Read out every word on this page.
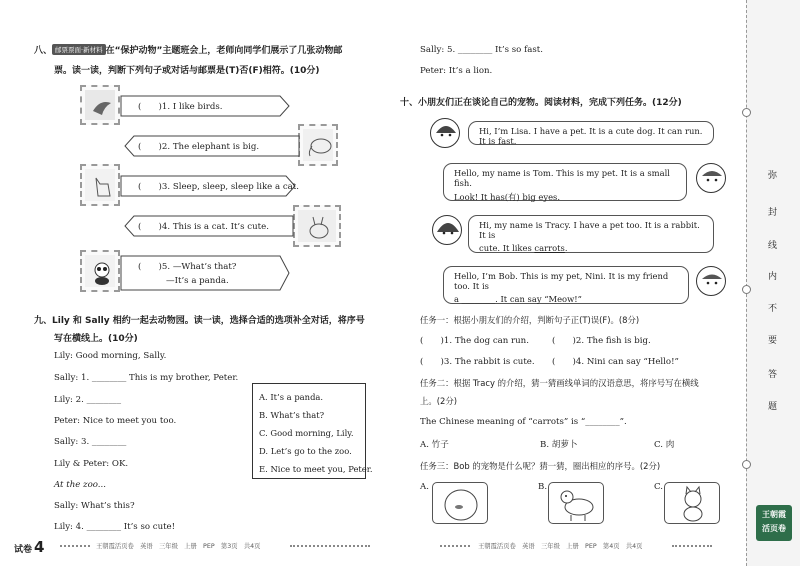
八、 邮票票面·新材料 在“保护动物”主题班会上，老师向同学们展示了几张动物邮
票。读一读，判断下列句子或对话与邮票是(T)否(F)相符。(10分)
(　　)1. I like birds.
(　　)2. The elephant is big.
(　　)3. Sleep, sleep, sleep like a cat.
(　　)4. This is a cat. It’s cute.
(　　)5. —What’s that?
—It’s a panda.
九、Lily 和 Sally 相约一起去动物园。读一读，选择合适的选项补全对话，将序号
写在横线上。(10分)
Lily: Good morning, Sally.
Sally: 1. ________ This is my brother, Peter.
Lily: 2. ________
Peter: Nice to meet you too.
Sally: 3. ________
Lily & Peter: OK.
At the zoo...
Sally: What’s this?
Lily: 4. ________ It’s so cute!
A. It’s a panda.
B. What’s that?
C. Good morning, Lily.
D. Let’s go to the zoo.
E. Nice to meet you, Peter.
试卷 4	王朝霞活页卷　英语　三年级　上册　PEP　第3页　共4页
Sally: 5. ________ It’s so fast.
Peter: It’s a lion.
十、小朋友们正在谈论自己的宠物。阅读材料，完成下列任务。(12分)
Hi, I’m Lisa. I have a pet. It is a cute dog. It can run. It is fast.
Hello, my name is Tom. This is my pet. It is a small fish.
Look! It has(有) big eyes.
Hi, my name is Tracy. I have a pet too. It is a rabbit. It is
cute. It likes carrots.
Hello, I’m Bob. This is my pet, Nini. It is my friend too. It is
a ________. It can say “Meow!”
任务一：根据小朋友们的介绍，判断句子正(T)误(F)。(8分)
(　　)1. The dog can run.	(　　)2. The fish is big.
(　　)3. The rabbit is cute. (　　)4. Nini can say “Hello!”
任务二：根据 Tracy 的介绍，猜一猜画线单词的汉语意思，将序号写在横线
上。(2分)
The Chinese meaning of “carrots” is “________”.
A. 竹子	B. 胡萝卜	C. 肉
任务三：Bob 的宠物是什么呢？猜一猜，圈出相应的序号。(2分)
A.	B.	C.
王朝霞活页卷　英语　三年级　上册　PEP　第4页　共4页
弥
封
线
内
不
要
答
题
王朝霞
活页卷
